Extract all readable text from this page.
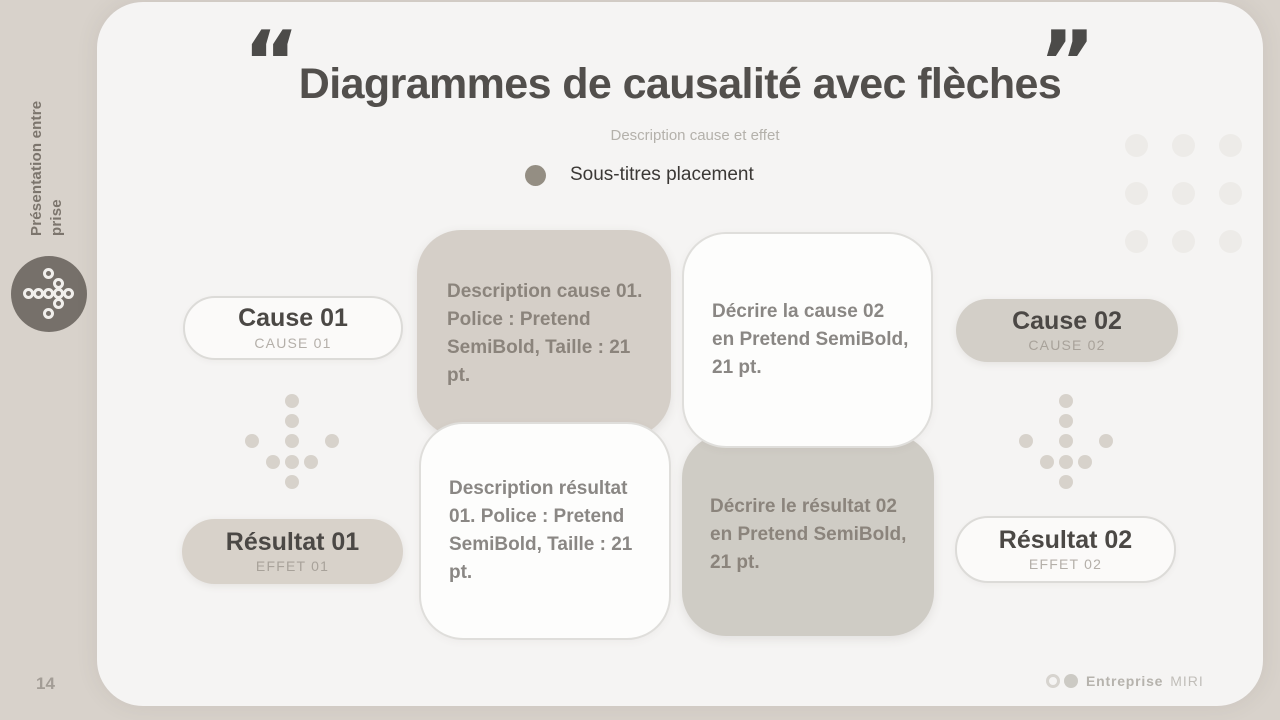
Présentation entre prise
14
“	”
Diagrammes de causalité avec flèches
Description cause et effet
Sous-titres placement
Cause 01
CAUSE 01
Cause 02
CAUSE 02
Résultat 01
EFFET 01
Résultat 02
EFFET 02
Description cause 01. Police : Pretend SemiBold, Taille : 21 pt.
Description résultat 01. Police : Pretend SemiBold, Taille : 21 pt.
Décrire la cause 02 en Pretend SemiBold, 21 pt.
Décrire le résultat 02 en Pretend SemiBold, 21 pt.
Entreprise MIRI
